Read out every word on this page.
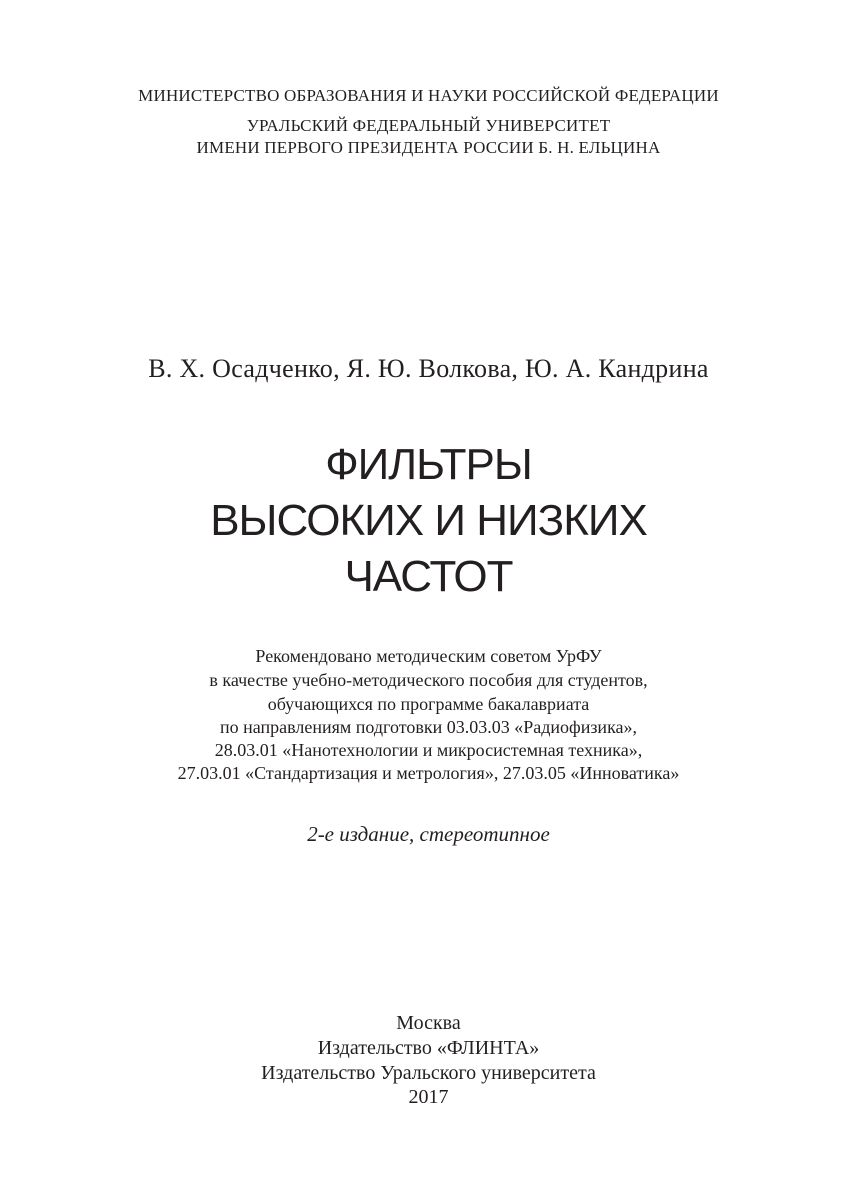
МИНИСТЕРСТВО ОБРАЗОВАНИЯ И НАУКИ РОССИЙСКОЙ ФЕДЕРАЦИИ

УРАЛЬСКИЙ ФЕДЕРАЛЬНЫЙ УНИВЕРСИТЕТ

ИМЕНИ ПЕРВОГО ПРЕЗИДЕНТА РОССИИ Б. Н. ЕЛЬЦИНА

В. Х. Осадченко, Я. Ю. Волкова, Ю. А. Кандрина

ФИЛЬТРЫ

ВЫСОКИХ И НИЗКИХ

ЧАСТОТ

Рекомендовано методическим советом УрФУ

в качестве учебно-методического пособия для студентов,

обучающихся по программе бакалавриата

по направлениям подготовки 03.03.03 «Радиофизика»,

28.03.01 «Нанотехнологии и микросистемная техника»,

27.03.01 «Стандартизация и метрология», 27.03.05 «Инноватика»

2-е издание, стереотипное

Москва

Издательство «ФЛИНТА»

Издательство Уральского университета

2017
